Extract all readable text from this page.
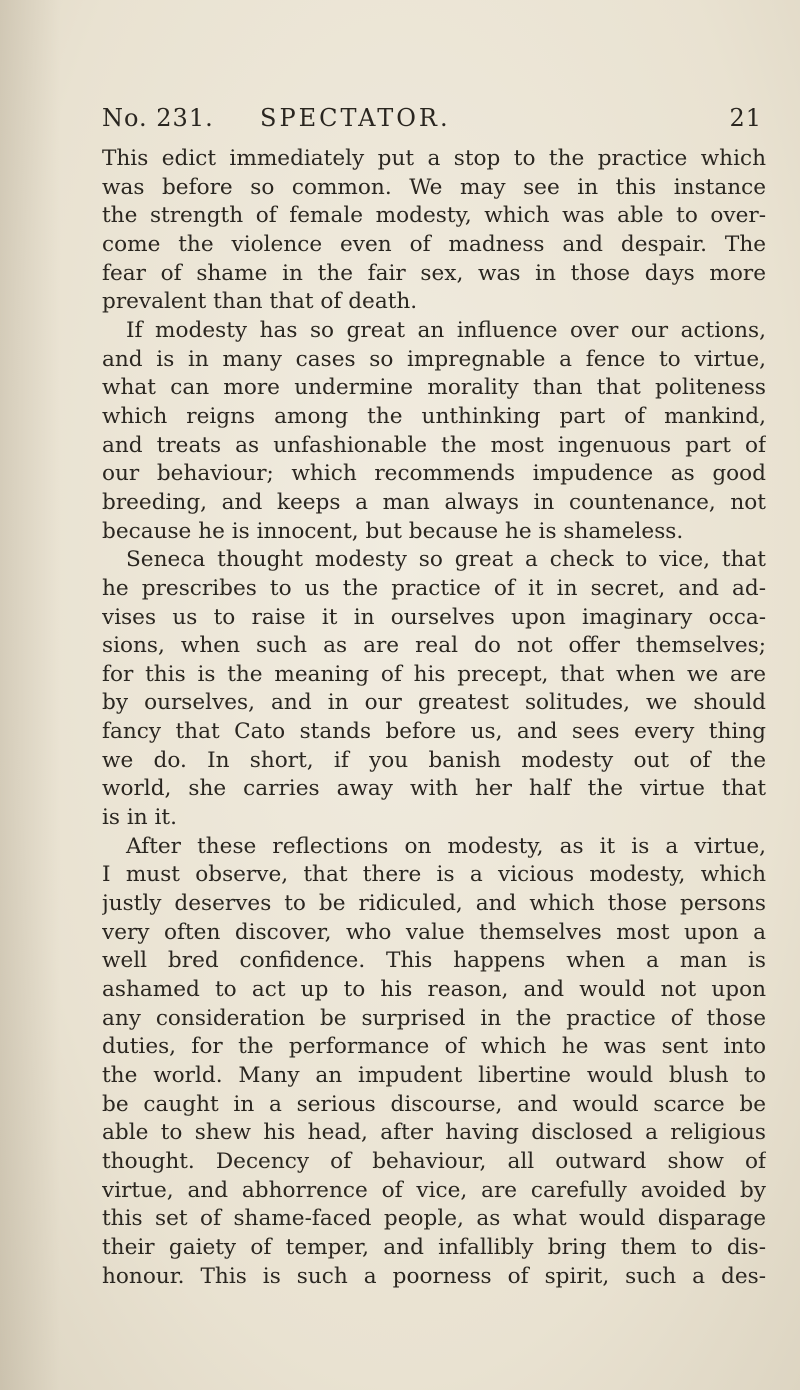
No. 231. SPECTATOR.	21
This edict immediately put a stop to the practice which
was before so common. We may see in this instance
the strength of female modesty, which was able to over-
come the violence even of madness and despair. The
fear of shame in the fair sex, was in those days more
prevalent than that of death.
If modesty has so great an influence over our actions,
and is in many cases so impregnable a fence to virtue,
what can more undermine morality than that politeness
which reigns among the unthinking part of mankind,
and treats as unfashionable the most ingenuous part of
our behaviour; which recommends impudence as good
breeding, and keeps a man always in countenance, not
because he is innocent, but because he is shameless.
Seneca thought modesty so great a check to vice, that
he prescribes to us the practice of it in secret, and ad-
vises us to raise it in ourselves upon imaginary occa-
sions, when such as are real do not offer themselves;
for this is the meaning of his precept, that when we are
by ourselves, and in our greatest solitudes, we should
fancy that Cato stands before us, and sees every thing
we do. In short, if you banish modesty out of the
world, she carries away with her half the virtue that
is in it.
After these reflections on modesty, as it is a virtue,
I must observe, that there is a vicious modesty, which
justly deserves to be ridiculed, and which those persons
very often discover, who value themselves most upon a
well bred confidence. This happens when a man is
ashamed to act up to his reason, and would not upon
any consideration be surprised in the practice of those
duties, for the performance of which he was sent into
the world. Many an impudent libertine would blush to
be caught in a serious discourse, and would scarce be
able to shew his head, after having disclosed a religious
thought. Decency of behaviour, all outward show of
virtue, and abhorrence of vice, are carefully avoided by
this set of shame-faced people, as what would disparage
their gaiety of temper, and infallibly bring them to dis-
honour. This is such a poorness of spirit, such a des-
